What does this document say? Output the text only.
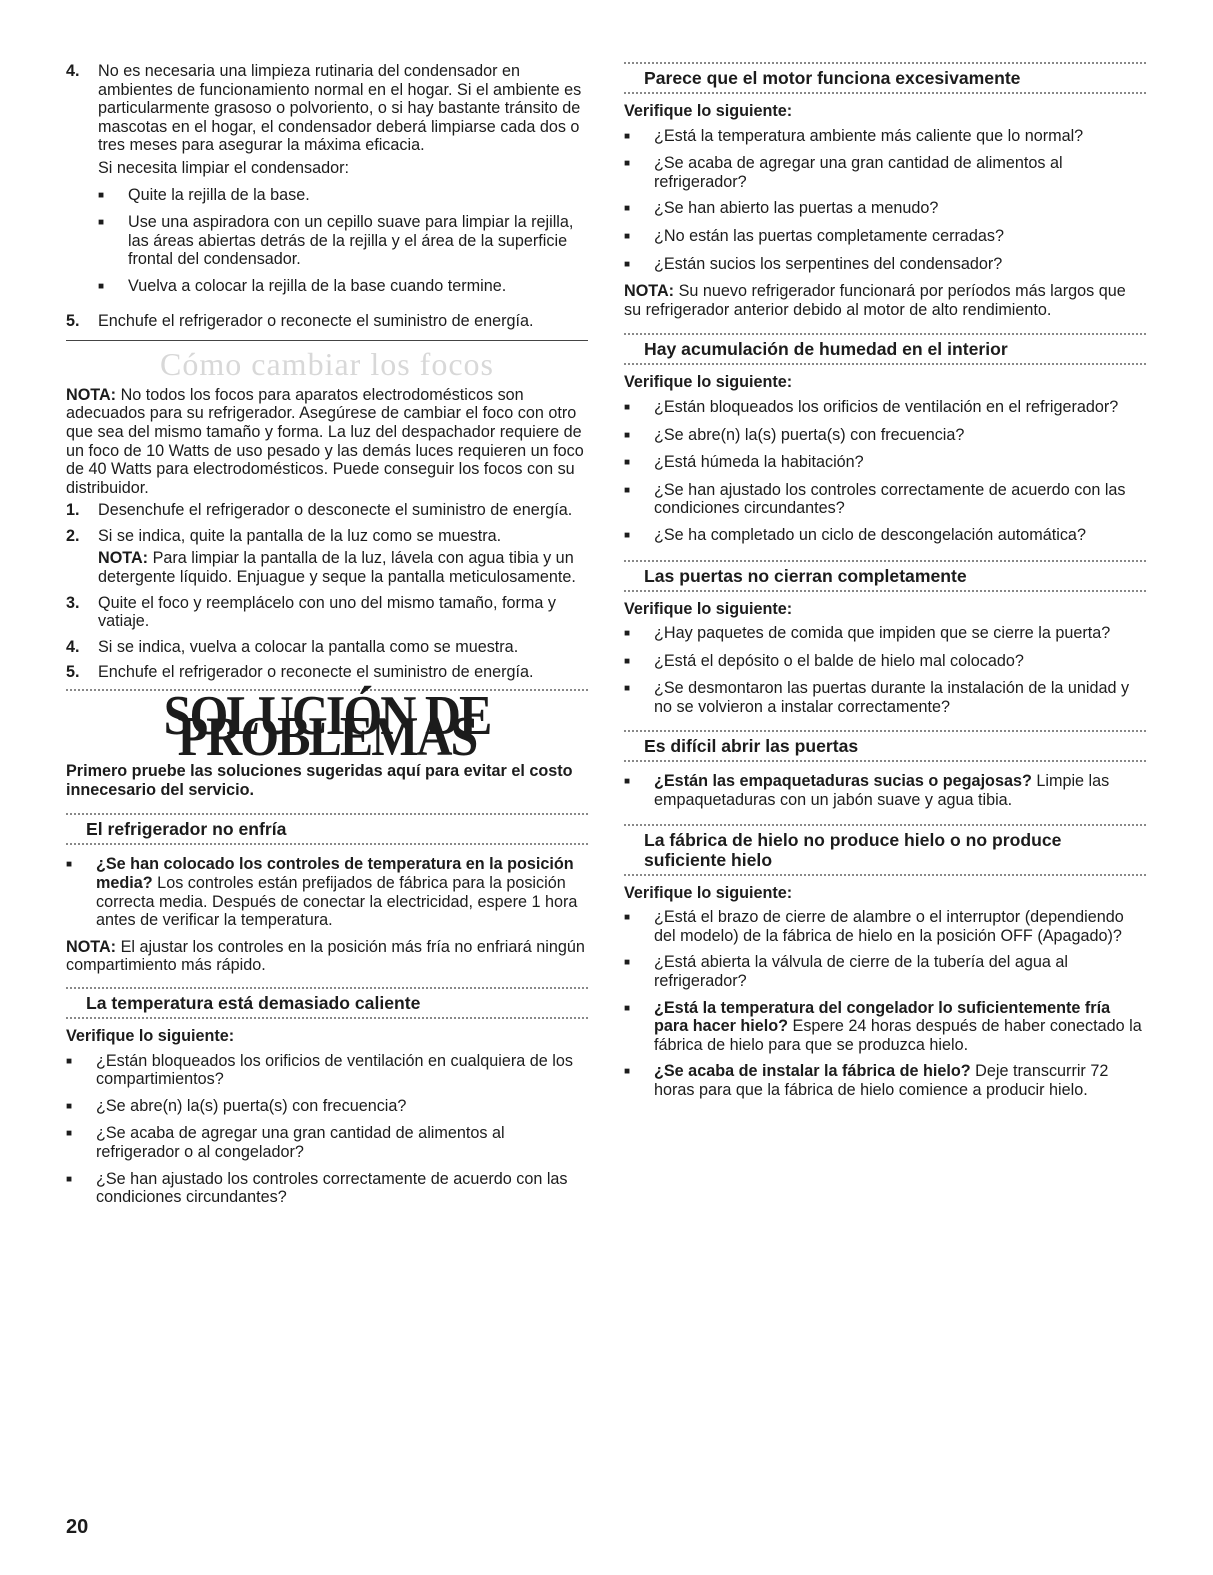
4.	No es necesaria una limpieza rutinaria del condensador en ambientes de funcionamiento normal en el hogar. Si el ambiente es particularmente grasoso o polvoriento, o si hay bastante tránsito de mascotas en el hogar, el condensador deberá limpiarse cada dos o tres meses para asegurar la máxima eficacia.

Si necesita limpiar el condensador:

■	Quite la rejilla de la base.
■	Use una aspiradora con un cepillo suave para limpiar la rejilla, las áreas abiertas detrás de la rejilla y el área de la superficie frontal del condensador.
■	Vuelva a colocar la rejilla de la base cuando termine.
5.	Enchufe el refrigerador o reconecte el suministro de energía.
Cómo cambiar los focos

NOTA: No todos los focos para aparatos electrodomésticos son adecuados para su refrigerador. Asegúrese de cambiar el foco con otro que sea del mismo tamaño y forma. La luz del despachador requiere de un foco de 10 Watts de uso pesado y las demás luces requieren un foco de 40 Watts para electrodomésticos. Puede conseguir los focos con su distribuidor.

1.	Desenchufe el refrigerador o desconecte el suministro de energía.
2.	Si se indica, quite la pantalla de la luz como se muestra.

NOTA: Para limpiar la pantalla de la luz, lávela con agua tibia y un detergente líquido. Enjuague y seque la pantalla meticulosamente.

3.	Quite el foco y reemplácelo con uno del mismo tamaño, forma y vatiaje.
4.	Si se indica, vuelva a colocar la pantalla como se muestra.
5.	Enchufe el refrigerador o reconecte el suministro de energía.
SOLUCIÓN DE PROBLEMAS

Primero pruebe las soluciones sugeridas aquí para evitar el costo innecesario del servicio.

El refrigerador no enfría
■	¿Se han colocado los controles de temperatura en la posición media? Los controles están prefijados de fábrica para la posición correcta media. Después de conectar la electricidad, espere 1 hora antes de verificar la temperatura.

NOTA: El ajustar los controles en la posición más fría no enfriará ningún compartimiento más rápido.

La temperatura está demasiado caliente
Verifique lo siguiente:
■	¿Están bloqueados los orificios de ventilación en cualquiera de los compartimientos?
■	¿Se abre(n) la(s) puerta(s) con frecuencia?
■	¿Se acaba de agregar una gran cantidad de alimentos al refrigerador o al congelador?
■	¿Se han ajustado los controles correctamente de acuerdo con las condiciones circundantes?
Parece que el motor funciona excesivamente
Verifique lo siguiente:
■	¿Está la temperatura ambiente más caliente que lo normal?
■	¿Se acaba de agregar una gran cantidad de alimentos al refrigerador?
■	¿Se han abierto las puertas a menudo?
■	¿No están las puertas completamente cerradas?
■	¿Están sucios los serpentines del condensador?

NOTA: Su nuevo refrigerador funcionará por períodos más largos que su refrigerador anterior debido al motor de alto rendimiento.

Hay acumulación de humedad en el interior
Verifique lo siguiente:
■	¿Están bloqueados los orificios de ventilación en el refrigerador?
■	¿Se abre(n) la(s) puerta(s) con frecuencia?
■	¿Está húmeda la habitación?
■	¿Se han ajustado los controles correctamente de acuerdo con las condiciones circundantes?
■	¿Se ha completado un ciclo de descongelación automática?
Las puertas no cierran completamente
Verifique lo siguiente:
■	¿Hay paquetes de comida que impiden que se cierre la puerta?
■	¿Está el depósito o el balde de hielo mal colocado?
■	¿Se desmontaron las puertas durante la instalación de la unidad y no se volvieron a instalar correctamente?
Es difícil abrir las puertas
■	¿Están las empaquetaduras sucias o pegajosas? Limpie las empaquetaduras con un jabón suave y agua tibia.
La fábrica de hielo no produce hielo o no produce suficiente hielo
Verifique lo siguiente:
■	¿Está el brazo de cierre de alambre o el interruptor (dependiendo del modelo) de la fábrica de hielo en la posición OFF (Apagado)?
■	¿Está abierta la válvula de cierre de la tubería del agua al refrigerador?
■	¿Está la temperatura del congelador lo suficientemente fría para hacer hielo? Espere 24 horas después de haber conectado la fábrica de hielo para que se produzca hielo.
■	¿Se acaba de instalar la fábrica de hielo? Deje transcurrir 72 horas para que la fábrica de hielo comience a producir hielo.
20
